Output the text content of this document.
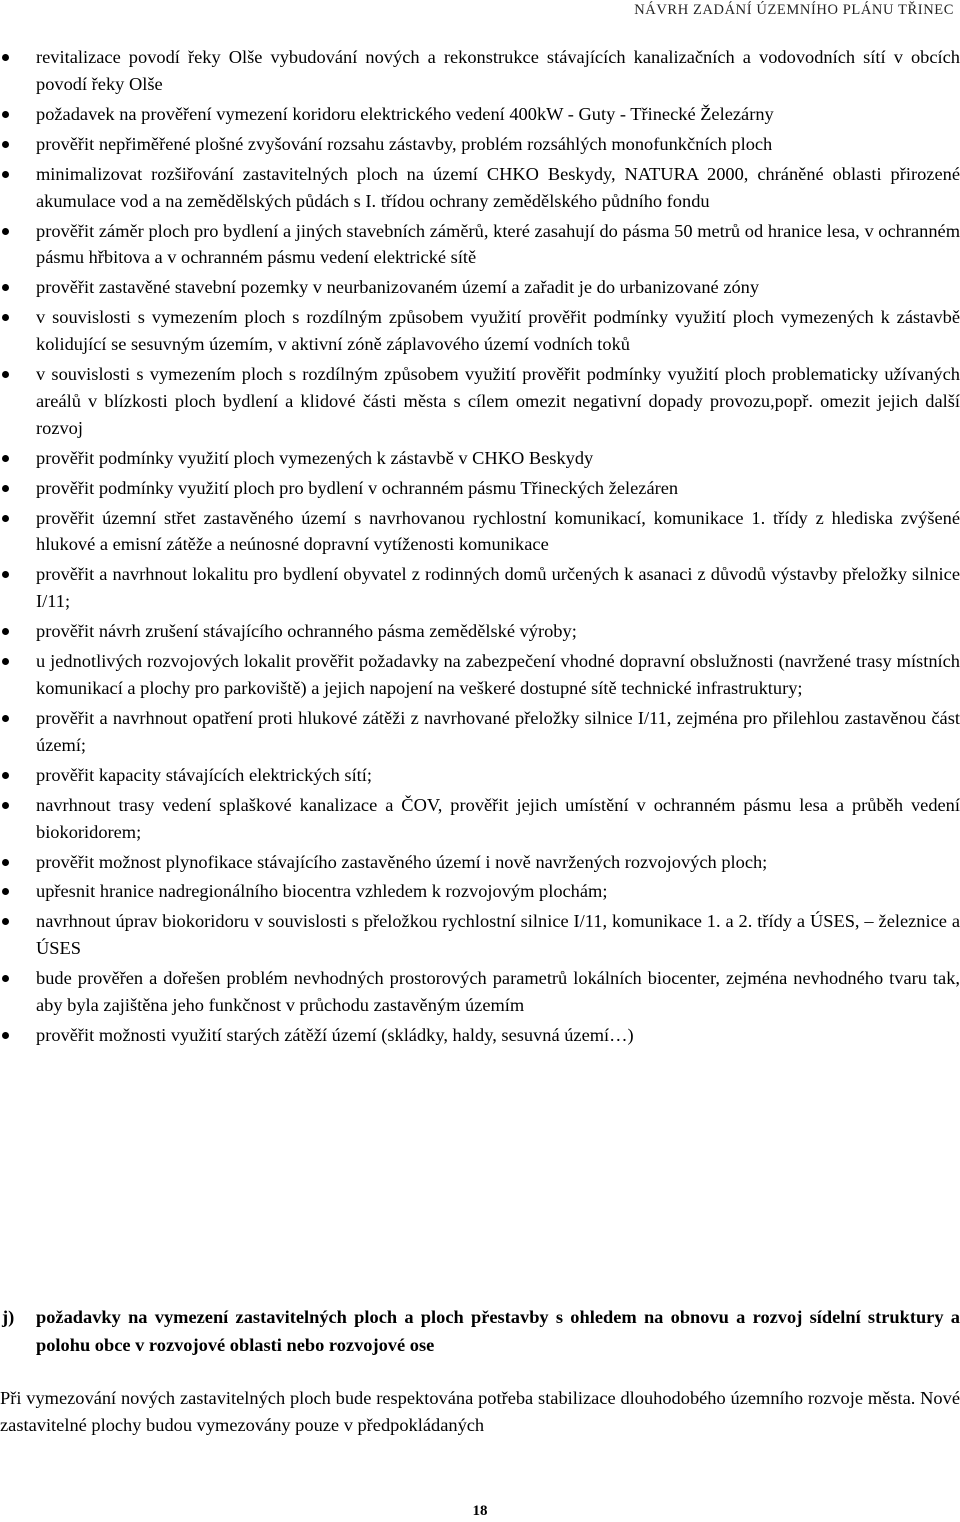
NÁVRH ZADÁNÍ ÚZEMNÍHO PLÁNU TŘINEC
revitalizace povodí řeky Olše vybudování nových a rekonstrukce stávajících kanalizačních a vodovodních sítí v obcích povodí řeky Olše
požadavek na prověření vymezení koridoru elektrického vedení 400kW - Guty - Třinecké Železárny
prověřit nepřiměřené plošné zvyšování rozsahu zástavby, problém rozsáhlých monofunkčních ploch
minimalizovat rozšiřování zastavitelných ploch na území CHKO Beskydy, NATURA 2000, chráněné oblasti přirozené akumulace vod a na zemědělských půdách s I. třídou ochrany zemědělského půdního fondu
prověřit záměr ploch pro bydlení a jiných stavebních záměrů, které zasahují do pásma 50 metrů od hranice lesa, v ochranném pásmu hřbitova a v ochranném pásmu vedení elektrické sítě
prověřit zastavěné stavební pozemky v neurbanizovaném území a zařadit je do urbanizované zóny
v souvislosti s vymezením ploch s rozdílným způsobem využití prověřit podmínky využití ploch vymezených k zástavbě kolidující se sesuvným územím, v aktivní zóně záplavového území vodních toků
v souvislosti s vymezením ploch s rozdílným způsobem využití prověřit podmínky využití ploch problematicky užívaných areálů v blízkosti ploch bydlení a klidové části města s cílem omezit negativní dopady provozu,popř. omezit jejich další rozvoj
prověřit podmínky využití ploch vymezených k zástavbě v CHKO Beskydy
prověřit podmínky využití ploch pro bydlení v ochranném pásmu Třineckých železáren
prověřit územní střet zastavěného území s navrhovanou rychlostní komunikací, komunikace 1. třídy z hlediska zvýšené hlukové a emisní zátěže a neúnosné dopravní vytíženosti komunikace
prověřit a navrhnout lokalitu pro bydlení obyvatel z rodinných domů určených k asanaci z důvodů výstavby přeložky silnice I/11;
prověřit návrh zrušení stávajícího ochranného pásma zemědělské výroby;
u jednotlivých rozvojových lokalit prověřit požadavky na zabezpečení vhodné dopravní obslužnosti (navržené trasy místních komunikací a plochy pro parkoviště) a jejich napojení na veškeré dostupné sítě technické infrastruktury;
prověřit a navrhnout opatření proti hlukové zátěži z navrhované přeložky silnice I/11, zejména pro přilehlou zastavěnou část území;
prověřit kapacity stávajících elektrických sítí;
navrhnout trasy vedení splaškové kanalizace a ČOV, prověřit jejich umístění v ochranném pásmu lesa a průběh vedení biokoridorem;
prověřit možnost plynofikace stávajícího zastavěného území i nově navržených rozvojových ploch;
upřesnit hranice nadregionálního biocentra vzhledem k rozvojovým plochám;
navrhnout úprav biokoridoru v souvislosti s přeložkou rychlostní silnice I/11, komunikace 1. a 2. třídy a ÚSES, – železnice a ÚSES
bude prověřen a dořešen problém nevhodných prostorových parametrů lokálních biocenter, zejména nevhodného tvaru tak, aby byla zajištěna jeho funkčnost v průchodu zastavěným územím
prověřit možnosti využití starých zátěží území (skládky, haldy, sesuvná území…)
j)	požadavky na vymezení zastavitelných ploch a ploch přestavby s ohledem na obnovu a rozvoj sídelní struktury a polohu obce v rozvojové oblasti nebo rozvojové ose

Při vymezování nových zastavitelných ploch bude respektována potřeba stabilizace dlouhodobého územního rozvoje města. Nové zastavitelné plochy budou vymezovány pouze v předpokládaných

18
